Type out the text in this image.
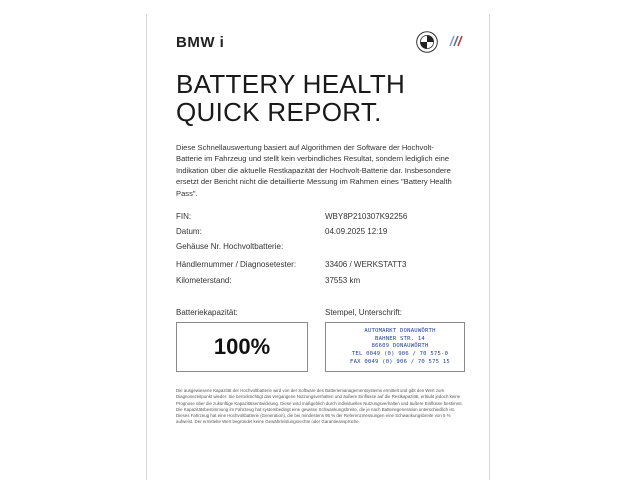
BMW i
BATTERY HEALTH
QUICK REPORT.
Diese Schnellauswertung basiert auf Algorithmen der Software der Hochvolt-Batterie im Fahrzeug und stellt kein verbindliches Resultat, sondern lediglich eine Indikation über die aktuelle Restkapazität der Hochvolt-Batterie dar. Insbesondere ersetzt der Bericht nicht die detaillierte Messung im Rahmen eines "Battery Health Pass".
FIN:	WBY8P210307K92256
Datum:	04.09.2025 12:19
Gehäuse Nr. Hochvoltbatterie:
Händlernummer / Diagnosetester:	33406 / WERKSTATT3
Kilometerstand:	37553 km
Batteriekapazität:	Stempel, Unterschrift:
100%
AUTOMARKT DONAUWÖRTH
BAHNER STR. 14
86609 DONAUWÖRTH
TEL 0049 (0) 906 / 70 575-0
FAX 0049 (0) 906 / 70 575 15
Die ausgewiesene Kapazität der Hochvoltbatterie wird von der Software des Batteriemanagementsystems ermittelt und gibt den Wert zum Diagnosezeitpunkt wieder. Sie berücksichtigt das vergangene Nutzungsverhalten und äußere Einflüsse auf die Restkapazität, erlaubt jedoch keine Prognose über die zukünftige Kapazitätsentwicklung. Diese wird maßgeblich durch individuelles Nutzungsverhalten und äußere Einflüsse bestimmt. Die Kapazitätsbestimmung im Fahrzeug hat systembedingt eine gewisse Schwankungsbreite, die je nach Batteriegeneration unterschiedlich ist. Dieses Fahrzeug hat eine Hochvoltbatterie (Generation), die bei mindestens 95 % der Referenzmessungen eine Schwankungsbreite von 5 % aufweist. Der ermittelte Wert begründet keine Gewährleistungsrechte oder Garantieansprüche.
